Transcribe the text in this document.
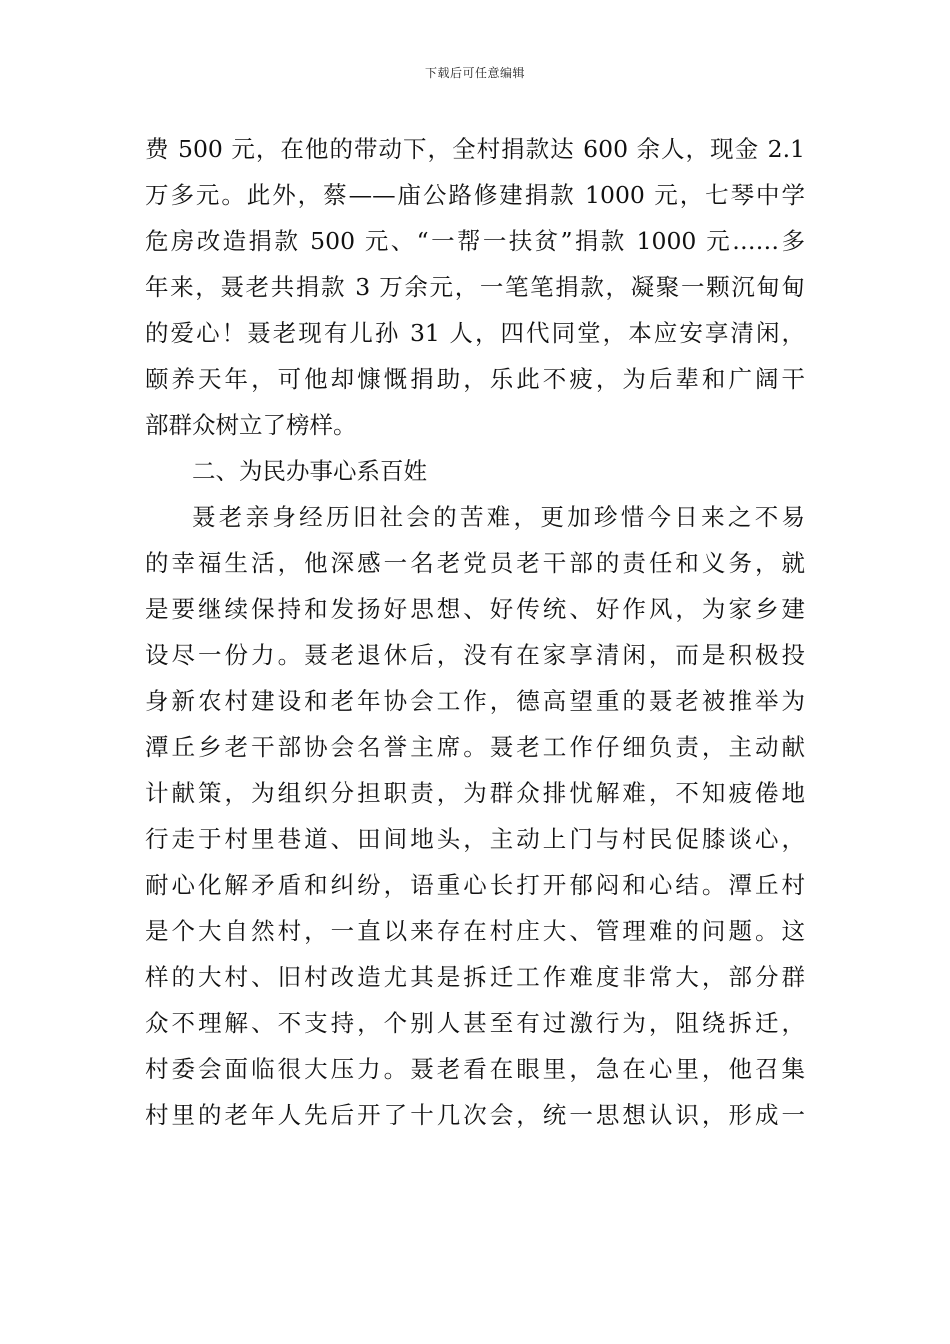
下载后可任意编辑
费 500 元，在他的带动下，全村捐款达 600 余人，现金 2.1
万多元。此外，蔡——庙公路修建捐款 1000 元，七琴中学
危房改造捐款 500 元、“一帮一扶贫”捐款 1000 元……多
年来，聂老共捐款 3 万余元，一笔笔捐款，凝聚一颗沉甸甸
的爱心！聂老现有儿孙 31 人，四代同堂，本应安享清闲，
颐养天年，可他却慷慨捐助，乐此不疲，为后辈和广阔干
部群众树立了榜样。
二、为民办事心系百姓
聂老亲身经历旧社会的苦难，更加珍惜今日来之不易
的幸福生活，他深感一名老党员老干部的责任和义务，就
是要继续保持和发扬好思想、好传统、好作风，为家乡建
设尽一份力。聂老退休后，没有在家享清闲，而是积极投
身新农村建设和老年协会工作，德高望重的聂老被推举为
潭丘乡老干部协会名誉主席。聂老工作仔细负责，主动献
计献策，为组织分担职责，为群众排忧解难，不知疲倦地
行走于村里巷道、田间地头，主动上门与村民促膝谈心，
耐心化解矛盾和纠纷，语重心长打开郁闷和心结。潭丘村
是个大自然村，一直以来存在村庄大、管理难的问题。这
样的大村、旧村改造尤其是拆迁工作难度非常大，部分群
众不理解、不支持，个别人甚至有过激行为，阻绕拆迁，
村委会面临很大压力。聂老看在眼里，急在心里，他召集
村里的老年人先后开了十几次会，统一思想认识，形成一
